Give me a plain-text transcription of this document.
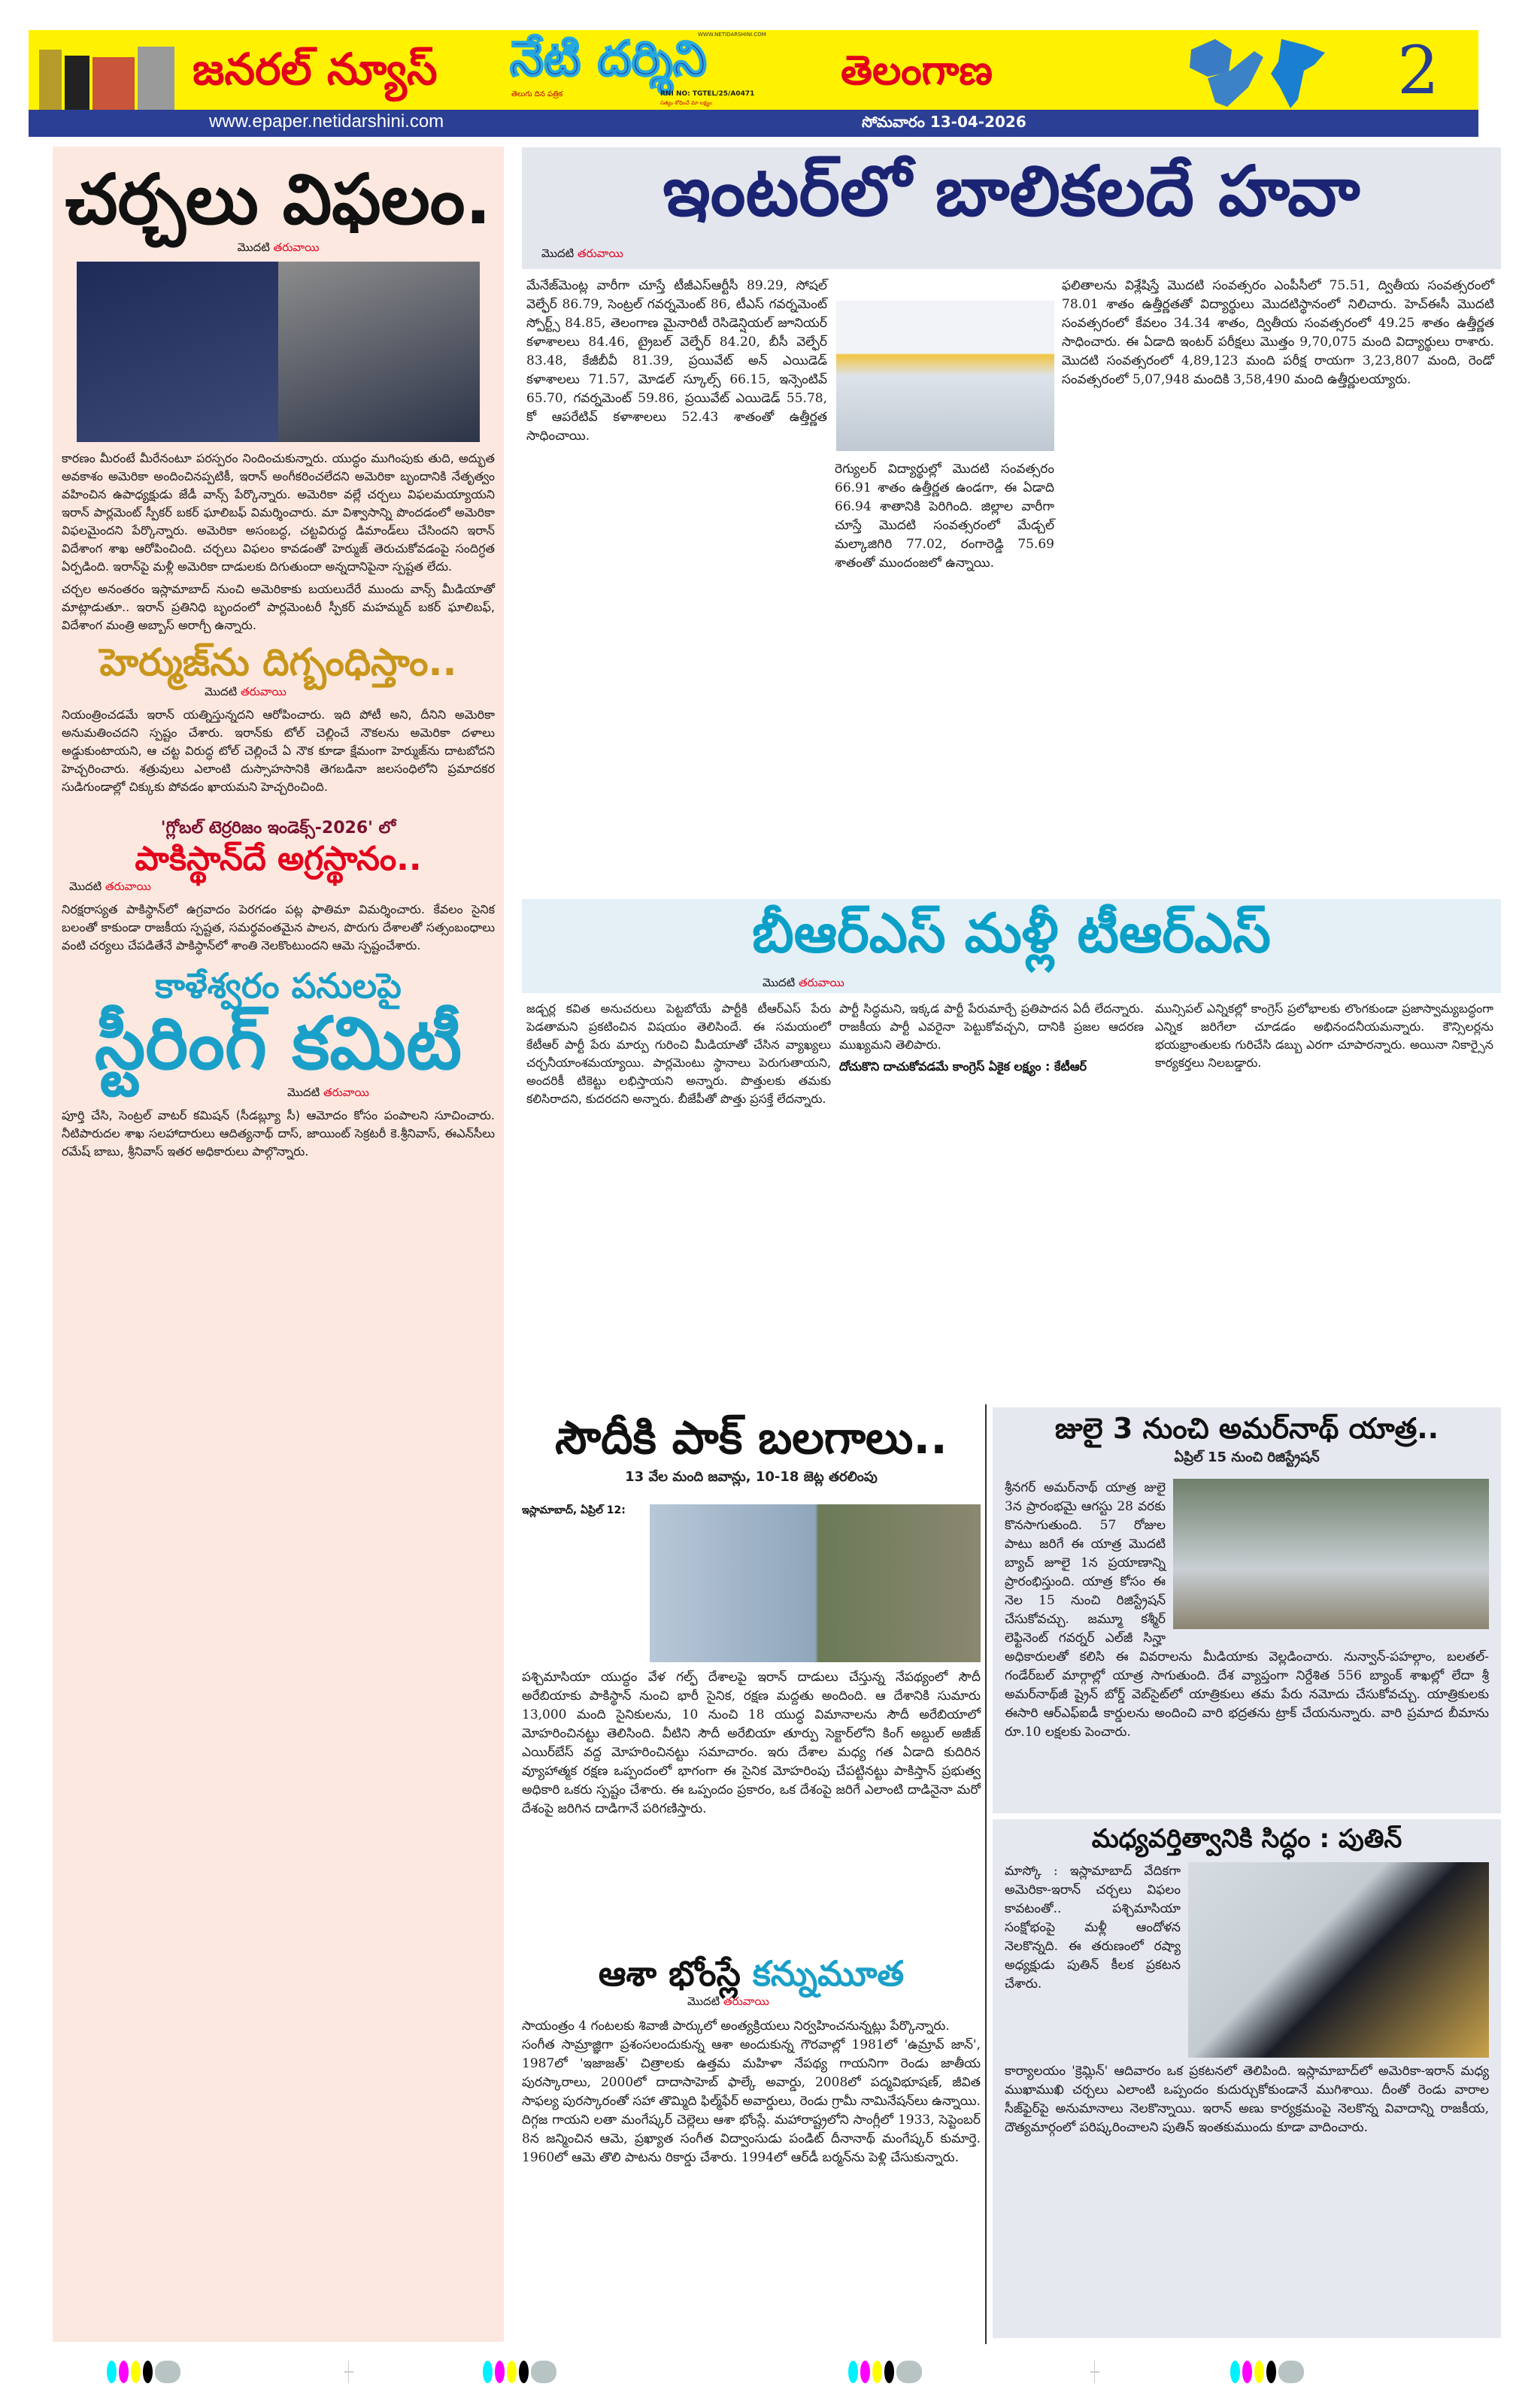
జనరల్ న్యూస్ నేటి దర్శిని
WWW.NETIDARSHINI.COM
తెలుగు దిన పత్రిక	RNI NO: TGTEL/25/A0471
సత్యం శోధించే మా లక్ష్యం
తెలంగాణ	2
www.epaper.netidarshini.com	సోమవారం 13-04-2026
చర్చలు విఫలం.
మొదటి తరువాయి

కారణం మీరంటే మీరేనంటూ పరస్పరం నిందించుకున్నారు. యుద్ధం ముగింపుకు తుది, అద్భుత అవకాశం అమెరికా అందించినప్పటికీ, ఇరాన్ అంగీకరించలేదని అమెరికా బృందానికి నేతృత్వం వహించిన ఉపాధ్యక్షుడు జేడీ వాన్స్ పేర్కొన్నారు. అమెరికా వల్లే చర్చలు విఫలమయ్యాయని ఇరాన్ పార్లమెంట్ స్పీకర్ బకర్ ఘాలిబఫ్ విమర్శించారు. మా విశ్వాసాన్ని పొందడంలో అమెరికా విఫలమైందని పేర్కొన్నారు. అమెరికా అసంబద్ధ, చట్టవిరుద్ధ డిమాండ్‌లు చేసిందని ఇరాన్ విదేశాంగ శాఖ ఆరోపించింది. చర్చలు విఫలం కావడంతో హెర్ముజ్ తెరుచుకోవడంపై సందిగ్ధత ఏర్పడింది. ఇరాన్‌పై మళ్లీ అమెరికా దాడులకు దిగుతుందా అన్నదానిపైనా స్పష్టత లేదు.

చర్చల అనంతరం ఇస్లామాబాద్ నుంచి అమెరికాకు బయలుదేరే ముందు వాన్స్ మీడియాతో మాట్లాడుతూ.. ఇరాన్ ప్రతినిధి బృందంలో పార్లమెంటరీ స్పీకర్ మహమ్మద్ బకర్ ఘాలిబఫ్, విదేశాంగ మంత్రి అబ్బాస్ అరాగ్చీ ఉన్నారు.

హెర్ముజ్‌ను దిగ్బంధిస్తాం..
మొదటి తరువాయి

నియంత్రించడమే ఇరాన్ యత్నిస్తున్నదని ఆరోపించారు. ఇది పోటీ అని, దీనిని అమెరికా అనుమతించదని స్పష్టం చేశారు. ఇరాన్‌కు టోల్ చెల్లించే నౌకలను అమెరికా దళాలు అడ్డుకుంటాయని, ఆ చట్ట విరుద్ధ టోల్ చెల్లించే ఏ నౌక కూడా క్షేమంగా హెర్ముజ్‌ను దాటబోదని హెచ్చరించారు. శత్రువులు ఎలాంటి దుస్సాహసానికి తెగబడినా జలసంధిలోని ప్రమాదకర సుడిగుండాల్లో చిక్కుకు పోవడం ఖాయమని హెచ్చరించింది.

'గ్లోబల్ టెర్రరిజం ఇండెక్స్-2026' లో
పాకిస్థాన్‌దే అగ్రస్థానం..
మొదటి తరువాయి

నిరక్షరాస్యత పాకిస్థాన్‌లో ఉగ్రవాదం పెరగడం పట్ల ఫాతిమా విమర్శించారు. కేవలం సైనిక బలంతో కాకుండా రాజకీయ స్పష్టత, సమర్థవంతమైన పాలన, పొరుగు దేశాలతో సత్సంబంధాలు వంటి చర్యలు చేపడితేనే పాకిస్థాన్‌లో శాంతి నెలకొంటుందని ఆమె స్పష్టంచేశారు.

కాళేశ్వరం పనులపై
స్టీరింగ్ కమిటీ
మొదటి తరువాయి

పూర్తి చేసి, సెంట్రల్ వాటర్ కమిషన్ (సీడబ్ల్యూ సీ) ఆమోదం కోసం పంపాలని సూచించారు. నీటిపారుదల శాఖ సలహాదారులు ఆదిత్యనాథ్ దాస్, జాయింట్ సెక్రటరీ కె.శ్రీనివాస్, ఈఎన్‌సీలు రమేష్ బాబు, శ్రీనివాస్ ఇతర అధికారులు పాల్గొన్నారు.

ఇంటర్‌లో బాలికలదే హవా
మొదటి తరువాయి

మేనేజ్‌మెంట్ల వారీగా చూస్తే టీజీఎస్‌ఆర్టీసీ 89.29, సోషల్ వెల్ఫేర్ 86.79, సెంట్రల్ గవర్నమెంట్ 86, టీఎస్ గవర్నమెంట్ స్పోర్ట్స్ 84.85, తెలంగాణ మైనారిటీ రెసిడెన్షియల్ జూనియర్ కళాశాలలు 84.46, ట్రైబల్ వెల్ఫేర్ 84.20, బీసీ వెల్ఫేర్ 83.48, కేజీబీవీ 81.39, ప్రయివేట్ అన్ ఎయిడెడ్ కళాశాలలు 71.57, మోడల్ స్కూల్స్ 66.15, ఇన్సెంటివ్ 65.70, గవర్నమెంట్ 59.86, ప్రయివేట్ ఎయిడెడ్ 55.78, కో ఆపరేటివ్ కళాశాలలు 52.43 శాతంతో ఉత్తీర్ణత సాధించాయి.

రెగ్యులర్ విద్యార్థుల్లో మొదటి సంవత్సరం 66.91 శాతం ఉత్తీర్ణత ఉండగా, ఈ ఏడాది 66.94 శాతానికి పెరిగింది. జిల్లాల వారీగా చూస్తే మొదటి సంవత్సరంలో మేడ్చల్ మల్కాజిగిరి 77.02, రంగారెడ్డి 75.69 శాతంతో ముందంజలో ఉన్నాయి.

ఫలితాలను విశ్లేషిస్తే మొదటి సంవత్సరం ఎంపీసీలో 75.51, ద్వితీయ సంవత్సరంలో 78.01 శాతం ఉత్తీర్ణతతో విద్యార్థులు మొదటిస్థానంలో నిలిచారు. హెచ్ఈసీ మొదటి సంవత్సరంలో కేవలం 34.34 శాతం, ద్వితీయ సంవత్సరంలో 49.25 శాతం ఉత్తీర్ణత సాధించారు. ఈ ఏడాది ఇంటర్ పరీక్షలు మొత్తం 9,70,075 మంది విద్యార్థులు రాశారు. మొదటి సంవత్సరంలో 4,89,123 మంది పరీక్ష రాయగా 3,23,807 మంది, రెండో సంవత్సరంలో 5,07,948 మందికి 3,58,490 మంది ఉత్తీర్ణులయ్యారు.

బీఆర్ఎస్ మళ్లీ టీఆర్ఎస్
మొదటి తరువాయి

జడ్చర్ల కవిత అనుచరులు పెట్టబోయే పార్టీకి టీఆర్ఎస్ పేరు పెడతామని ప్రకటించిన విషయం తెలిసిందే. ఈ సమయంలో కేటీఆర్ పార్టీ పేరు మార్పు గురించి మీడియాతో చేసిన వ్యాఖ్యలు చర్చనీయాంశమయ్యాయి. పార్లమెంటు స్థానాలు పెరుగుతాయని, అందరికీ టికెట్టు లభిస్తాయని అన్నారు. పొత్తులకు తమకు కలిసిరాదని, కుదరదని అన్నారు. బీజేపీతో పొత్తు ప్రసక్తే లేదన్నారు.

పార్టీ సిద్ధమని, ఇక్కడ పార్టీ పేరుమార్చే ప్రతిపాదన ఏదీ లేదన్నారు. రాజకీయ పార్టీ ఎవరైనా పెట్టుకోవచ్చని, దానికి ప్రజల ఆదరణ ముఖ్యమని తెలిపారు.

దోచుకొని దాచుకోవడమే కాంగ్రెస్ ఏకైక లక్ష్యం : కేటీఆర్

మున్సిపల్ ఎన్నికల్లో కాంగ్రెస్ ప్రలోభాలకు లొంగకుండా ప్రజాస్వామ్యబద్ధంగా ఎన్నిక జరిగేలా చూడడం అభినందనీయమన్నారు. కౌన్సిలర్లను భయభ్రాంతులకు గురిచేసి డబ్బు ఎరగా చూపారన్నారు. అయినా నికార్సైన కార్యకర్తలు నిలబడ్డారు.

సౌదీకి పాక్ బలగాలు..
13 వేల మంది జవాన్లు, 10-18 జెట్ల తరలింపు
ఇస్లామాబాద్, ఏప్రిల్ 12:

పశ్చిమాసియా యుద్ధం వేళ గల్ఫ్ దేశాలపై ఇరాన్ దాడులు చేస్తున్న నేపథ్యంలో సౌదీ అరేబియాకు పాకిస్థాన్ నుంచి భారీ సైనిక, రక్షణ మద్దతు అందింది. ఆ దేశానికి సుమారు 13,000 మంది సైనికులను, 10 నుంచి 18 యుద్ధ విమానాలను సౌదీ అరేబియాలో మోహరించినట్టు తెలిసింది. వీటిని సౌదీ అరేబియా తూర్పు సెక్టార్‌లోని కింగ్ అబ్దుల్ అజీజ్ ఎయిర్‌బేస్ వద్ద మోహరించినట్టు సమాచారం. ఇరు దేశాల మధ్య గత ఏడాది కుదిరిన వ్యూహాత్మక రక్షణ ఒప్పందంలో భాగంగా ఈ సైనిక మోహరింపు చేపట్టినట్టు పాకిస్తాన్ ప్రభుత్వ అధికారి ఒకరు స్పష్టం చేశారు. ఈ ఒప్పందం ప్రకారం, ఒక దేశంపై జరిగే ఎలాంటి దాడినైనా మరో దేశంపై జరిగిన దాడిగానే పరిగణిస్తారు.

ఆశా భోంస్లే కన్నుమూత
మొదటి తరువాయి

సాయంత్రం 4 గంటలకు శివాజీ పార్కులో అంత్యక్రియలు నిర్వహించనున్నట్లు పేర్కొన్నారు.

సంగీత సామ్రాజ్ఞిగా ప్రశంసలందుకున్న ఆశా అందుకున్న గౌరవాల్లో 1981లో 'ఉమ్రావ్ జాన్', 1987లో 'ఇజాజత్' చిత్రాలకు ఉత్తమ మహిళా నేపథ్య గాయనిగా రెండు జాతీయ పురస్కారాలు, 2000లో దాదాసాహెబ్ ఫాల్కే అవార్డు, 2008లో పద్మవిభూషణ్, జీవిత సాఫల్య పురస్కారంతో సహా తొమ్మిది ఫిల్మ్‌ఫేర్ అవార్డులు, రెండు గ్రామీ నామినేషన్‌లు ఉన్నాయి. దిగ్గజ గాయని లతా మంగేష్కర్ చెల్లెలు ఆశా భోంస్లే. మహారాష్ట్రలోని సాంగ్లీలో 1933, సెప్టెంబర్ 8న జన్మించిన ఆమె, ప్రఖ్యాత సంగీత విద్వాంసుడు పండిట్ దీనానాథ్ మంగేష్కర్ కుమార్తె. 1960లో ఆమె తొలి పాటను రికార్డు చేశారు. 1994లో ఆర్‌డీ బర్మన్‌ను పెళ్లి చేసుకున్నారు.

జులై 3 నుంచి అమర్‌నాథ్ యాత్ర..
ఏప్రిల్ 15 నుంచి రిజిస్ట్రేషన్

శ్రీనగర్ అమర్‌నాథ్ యాత్ర జులై 3న ప్రారంభమై ఆగస్టు 28 వరకు కొనసాగుతుంది. 57 రోజుల పాటు జరిగే ఈ యాత్ర మొదటి బ్యాచ్ జూలై 1న ప్రయాణాన్ని ప్రారంభిస్తుంది. యాత్ర కోసం ఈ నెల 15 నుంచి రిజిస్ట్రేషన్ చేసుకోవచ్చు. జమ్మూ కశ్మీర్ లెఫ్టినెంట్ గవర్నర్ ఎల్‌జీ సిన్హా అధికారులతో కలిసి ఈ వివరాలను మీడియాకు వెల్లడించారు. నున్వాన్-పహల్గాం, బలతల్-గండేర్‌బల్ మార్గాల్లో యాత్ర సాగుతుంది. దేశ వ్యాప్తంగా నిర్దేశిత 556 బ్యాంక్ శాఖల్లో లేదా శ్రీ అమర్‌నాథ్‌జీ ష్రైన్ బోర్డ్ వెబ్‌సైట్‌లో యాత్రికులు తమ పేరు నమోదు చేసుకోవచ్చు. యాత్రికులకు ఈసారి ఆర్‌ఎఫ్ఐడీ కార్డులను అందించి వారి భద్రతను ట్రాక్ చేయనున్నారు. వారి ప్రమాద బీమాను రూ.10 లక్షలకు పెంచారు.

మధ్యవర్తిత్వానికి సిద్ధం : పుతిన్

మాస్కో : ఇస్లామాబాద్ వేదికగా అమెరికా-ఇరాన్ చర్చలు విఫలం కావటంతో.. పశ్చిమాసియా సంక్షోభంపై మళ్లీ ఆందోళన నెలకొన్నది. ఈ తరుణంలో రష్యా అధ్యక్షుడు పుతిన్ కీలక ప్రకటన చేశారు.

కార్యాలయం 'క్రెమ్లిన్' ఆదివారం ఒక ప్రకటనలో తెలిపింది. ఇస్లామాబాద్‌లో అమెరికా-ఇరాన్ మధ్య ముఖాముఖి చర్చలు ఎలాంటి ఒప్పందం కుదుర్చుకోకుండానే ముగిశాయి. దీంతో రెండు వారాల సీజ్‌ఫైర్‌పై అనుమానాలు నెలకొన్నాయి. ఇరాన్ అణు కార్యక్రమంపై నెలకొన్న వివాదాన్ని రాజకీయ, దౌత్యమార్గంలో పరిష్కరించాలని పుతిన్ ఇంతకుముందు కూడా వాదించారు.
